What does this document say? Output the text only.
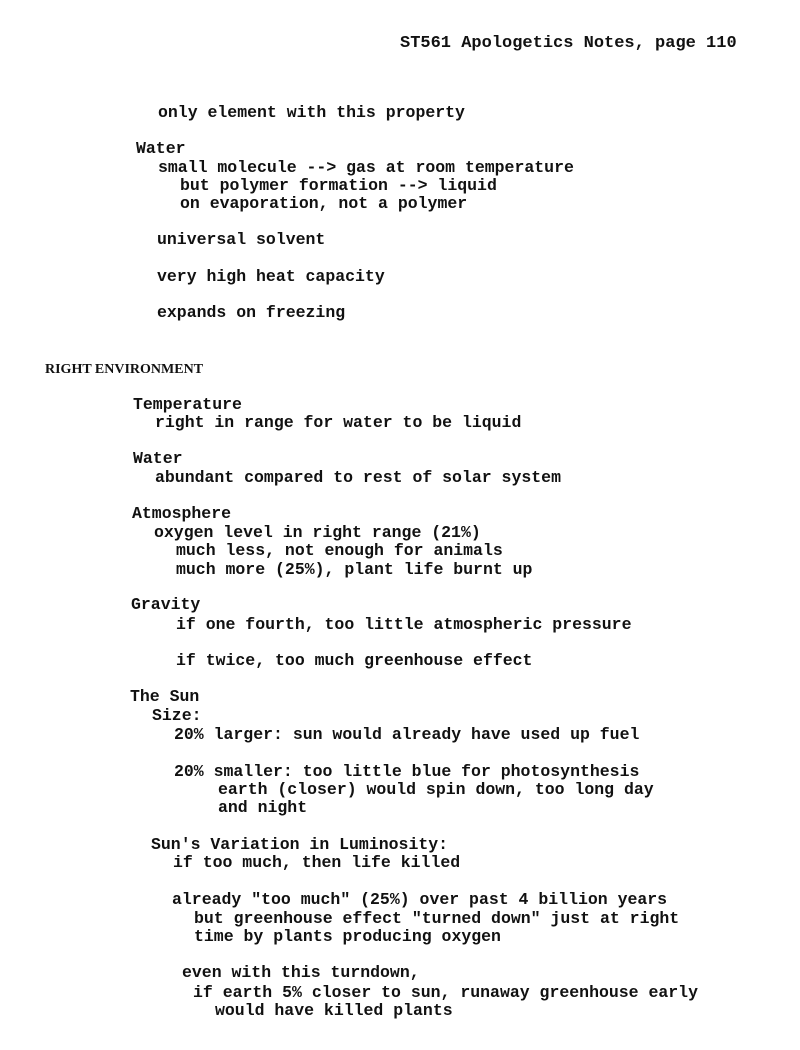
ST561 Apologetics Notes, page 110
only element with this property
Water
small molecule --> gas at room temperature
but polymer formation --> liquid
on evaporation, not a polymer
universal solvent
very high heat capacity
expands on freezing
RIGHT ENVIRONMENT
Temperature
right in range for water to be liquid
Water
abundant compared to rest of solar system
Atmosphere
oxygen level in right range (21%)
much less, not enough for animals
much more (25%), plant life burnt up
Gravity
if one fourth, too little atmospheric pressure
if twice, too much greenhouse effect
The Sun
Size:
20% larger: sun would already have used up fuel
20% smaller: too little blue for photosynthesis
earth (closer) would spin down, too long day
and night
Sun's Variation in Luminosity:
if too much, then life killed
already "too much" (25%) over past 4 billion years
but greenhouse effect "turned down" just at right
time by plants producing oxygen
even with this turndown,
if earth 5% closer to sun, runaway greenhouse early
would have killed plants
